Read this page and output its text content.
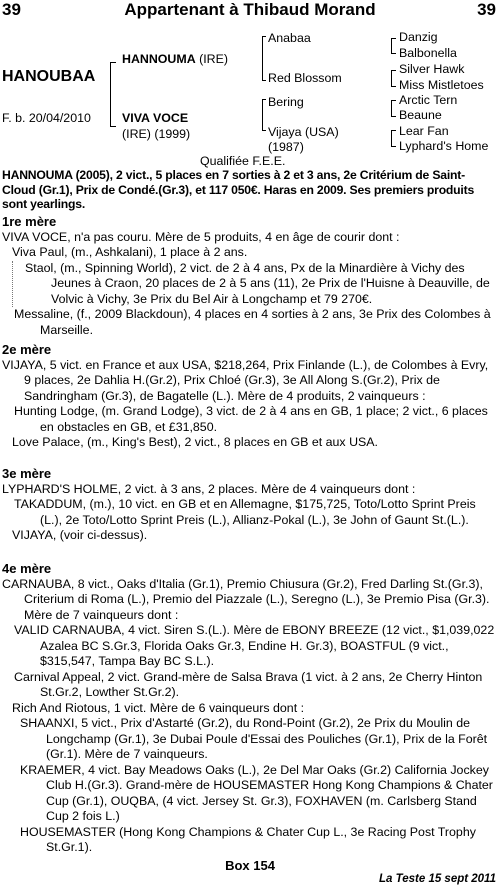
39	Appartenant à Thibaud Morand	39
HANOUBAA
F. b. 20/04/2010
HANNOUMA (IRE)
VIVA VOCE
(IRE) (1999)
Anabaa
Red Blossom
Bering
Vijaya (USA)
(1987)
Danzig
Balbonella
Silver Hawk
Miss Mistletoes
Arctic Tern
Beaune
Lear Fan
Lyphard's Home
Qualifiée F.E.E.
HANNOUMA (2005), 2 vict., 5 places en 7 sorties à 2 et 3 ans, 2e Critérium de Saint-Cloud (Gr.1), Prix de Condé.(Gr.3), et 117 050€. Haras en 2009. Ses premiers produits sont yearlings.
1re mère
VIVA VOCE, n'a pas couru. Mère de 5 produits, 4 en âge de courir dont :
Viva Paul, (m., Ashkalani), 1 place à 2 ans.
Staol, (m., Spinning World), 2 vict. de 2 à 4 ans, Px de la Minardière à Vichy des Jeunes à Craon, 20 places de 2 à 5 ans (11), 2e Prix de l'Huisne à Deauville, de Volvic à Vichy, 3e Prix du Bel Air à Longchamp et 79 270€.
Messaline, (f., 2009 Blackdoun), 4 places en 4 sorties à 2 ans, 3e Prix des Colombes à Marseille.
2e mère
VIJAYA, 5 vict. en France et aux USA, $218,264, Prix Finlande (L.), de Colombes à Evry, 9 places, 2e Dahlia H.(Gr.2), Prix Chloé (Gr.3), 3e All Along S.(Gr.2), Prix de Sandringham (Gr.3), de Bagatelle (L.). Mère de 4 produits, 2 vainqueurs :
Hunting Lodge, (m. Grand Lodge), 3 vict. de 2 à 4 ans en GB, 1 place; 2 vict., 6 places en obstacles en GB, et £31,850.
Love Palace, (m., King's Best), 2 vict., 8 places en GB et aux USA.
3e mère
LYPHARD'S HOLME, 2 vict. à 3 ans, 2 places. Mère de 4 vainqueurs dont :
TAKADDUM, (m.), 10 vict. en GB et en Allemagne, $175,725, Toto/Lotto Sprint Preis (L.), 2e Toto/Lotto Sprint Preis (L.), Allianz-Pokal (L.), 3e John of Gaunt St.(L.).
VIJAYA, (voir ci-dessus).
4e mère
CARNAUBA, 8 vict., Oaks d'Italia (Gr.1), Premio Chiusura (Gr.2), Fred Darling St.(Gr.3), Criterium di Roma (L.), Premio del Piazzale (L.), Seregno (L.), 3e Premio Pisa (Gr.3). Mère de 7 vainqueurs dont :
VALID CARNAUBA, 4 vict. Siren S.(L.). Mère de EBONY BREEZE (12 vict., $1,039,022 Azalea BC S.Gr.3, Florida Oaks Gr.3, Endine H. Gr.3), BOASTFUL (9 vict., $315,547, Tampa Bay BC S.L.).
Carnival Appeal, 2 vict. Grand-mère de Salsa Brava (1 vict. à 2 ans, 2e Cherry Hinton St.Gr.2, Lowther St.Gr.2).
Rich And Riotous, 1 vict. Mère de 6 vainqueurs dont :
SHAANXI, 5 vict., Prix d'Astarté (Gr.2), du Rond-Point (Gr.2), 2e Prix du Moulin de Longchamp (Gr.1), 3e Dubai Poule d'Essai des Pouliches (Gr.1), Prix de la Forêt (Gr.1). Mère de 7 vainqueurs.
KRAEMER, 4 vict. Bay Meadows Oaks (L.), 2e Del Mar Oaks (Gr.2) California Jockey Club H.(Gr.3). Grand-mère de HOUSEMASTER Hong Kong Champions & Chater Cup (Gr.1), OUQBA, (4 vict. Jersey St. Gr.3), FOXHAVEN (m. Carlsberg Stand Cup 2 fois L.)
HOUSEMASTER (Hong Kong Champions & Chater Cup L., 3e Racing Post Trophy St.Gr.1).
Box 154
La Teste 15 sept 2011
